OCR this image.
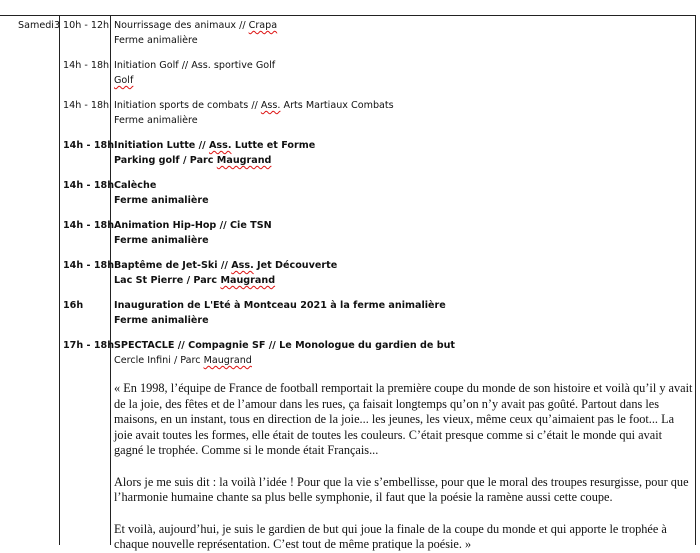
Samedi3 10h - 12h Nourrissage des animaux // Crapa
Ferme animalière
14h - 18h Initiation Golf // Ass. sportive Golf
Golf
14h - 18h Initiation sports de combats // Ass. Arts Martiaux Combats
Ferme animalière
14h - 18h Initiation Lutte // Ass. Lutte et Forme
Parking golf / Parc Maugrand
14h - 18h Calèche
Ferme animalière
14h - 18h Animation Hip-Hop // Cie TSN
Ferme animalière
14h - 18h Baptême de Jet-Ski // Ass. Jet Découverte
Lac St Pierre / Parc Maugrand
16h	Inauguration de L'Eté à Montceau 2021 à la ferme animalière
Ferme animalière
17h - 18h SPECTACLE // Compagnie SF // Le Monologue du gardien de but
Cercle Infini / Parc Maugrand

« En 1998, l’équipe de France de football remportait la première coupe du monde de son histoire et voilà qu’il y avait de la joie, des fêtes et de l’amour dans les rues, ça faisait longtemps qu’on n’y avait pas goûté. Partout dans les maisons, en un instant, tous en direction de la joie... les jeunes, les vieux, même ceux qu’aimaient pas le foot... La joie avait toutes les formes, elle était de toutes les couleurs. C’était presque comme si c’était le monde qui avait gagné le trophée. Comme si le monde était Français...

Alors je me suis dit : la voilà l’idée ! Pour que la vie s’embellisse, pour que le moral des troupes resurgisse, pour que l’harmonie humaine chante sa plus belle symphonie, il faut que la poésie la ramène aussi cette coupe.

Et voilà, aujourd’hui, je suis le gardien de but qui joue la finale de la coupe du monde et qui apporte le trophée à chaque nouvelle représentation. C’est tout de même pratique la poésie. »
